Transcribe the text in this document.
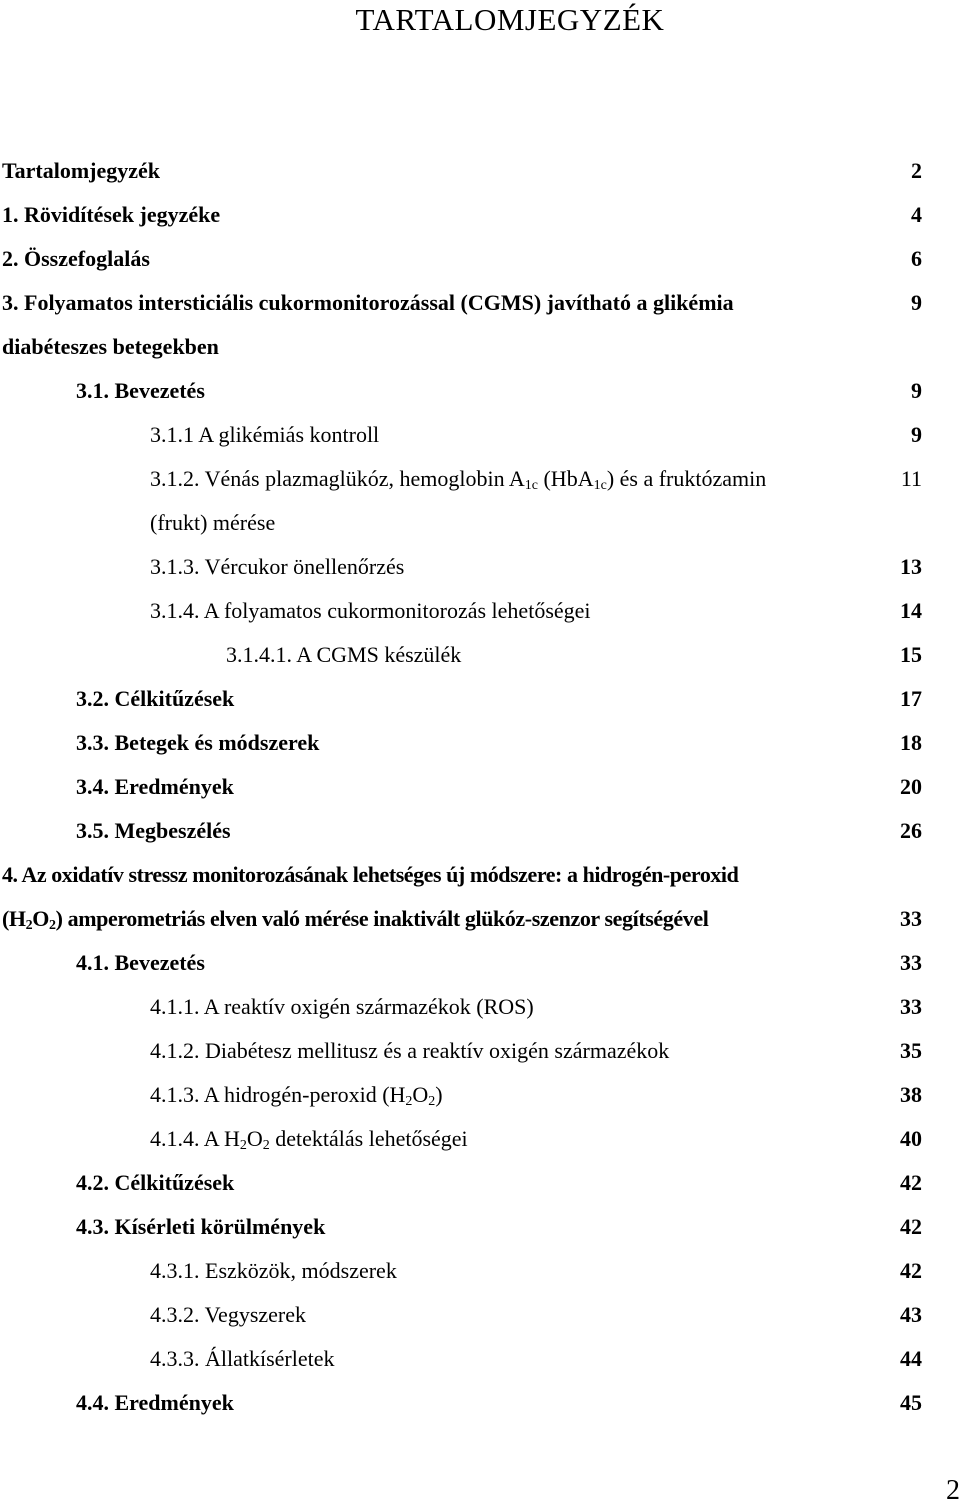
TARTALOMJEGYZÉK
Tartalomjegyzék	2
1. Rövidítések jegyzéke	4
2. Összefoglalás	6
3. Folyamatos intersticiális cukormonitorozással (CGMS) javítható a glikémia	9
diabéteszes betegekben
3.1. Bevezetés	9
3.1.1 A glikémiás kontroll	9
3.1.2. Vénás plazmaglükóz, hemoglobin $A_{1c}$ (HbA$_{1c}$) és a fruktózamin	11
(frukt) mérése
3.1.3. Vércukor önellenőrzés	13
3.1.4. A folyamatos cukormonitorozás lehetőségei	14
3.1.4.1. A CGMS készülék	15
3.2. Célkitűzések	17
3.3. Betegek és módszerek	18
3.4. Eredmények	20
3.5. Megbeszélés	26
4. Az oxidatív stressz monitorozásának lehetséges új módszere: a hidrogén-peroxid
$(H_2O_2)$ amperometriás elven való mérése inaktivált glükóz-szenzor segítségével	33
4.1. Bevezetés	33
4.1.1. A reaktív oxigén származékok (ROS)	33
4.1.2. Diabétesz mellitusz és a reaktív oxigén származékok	35
4.1.3. A hidrogén-peroxid $(H_2O_2)$	38
4.1.4. A $H_2O_2$ detektálás lehetőségei	40
4.2. Célkitűzések	42
4.3. Kísérleti körülmények	42
4.3.1. Eszközök, módszerek	42
4.3.2. Vegyszerek	43
4.3.3. Állatkísérletek	44
4.4. Eredmények	45
2
